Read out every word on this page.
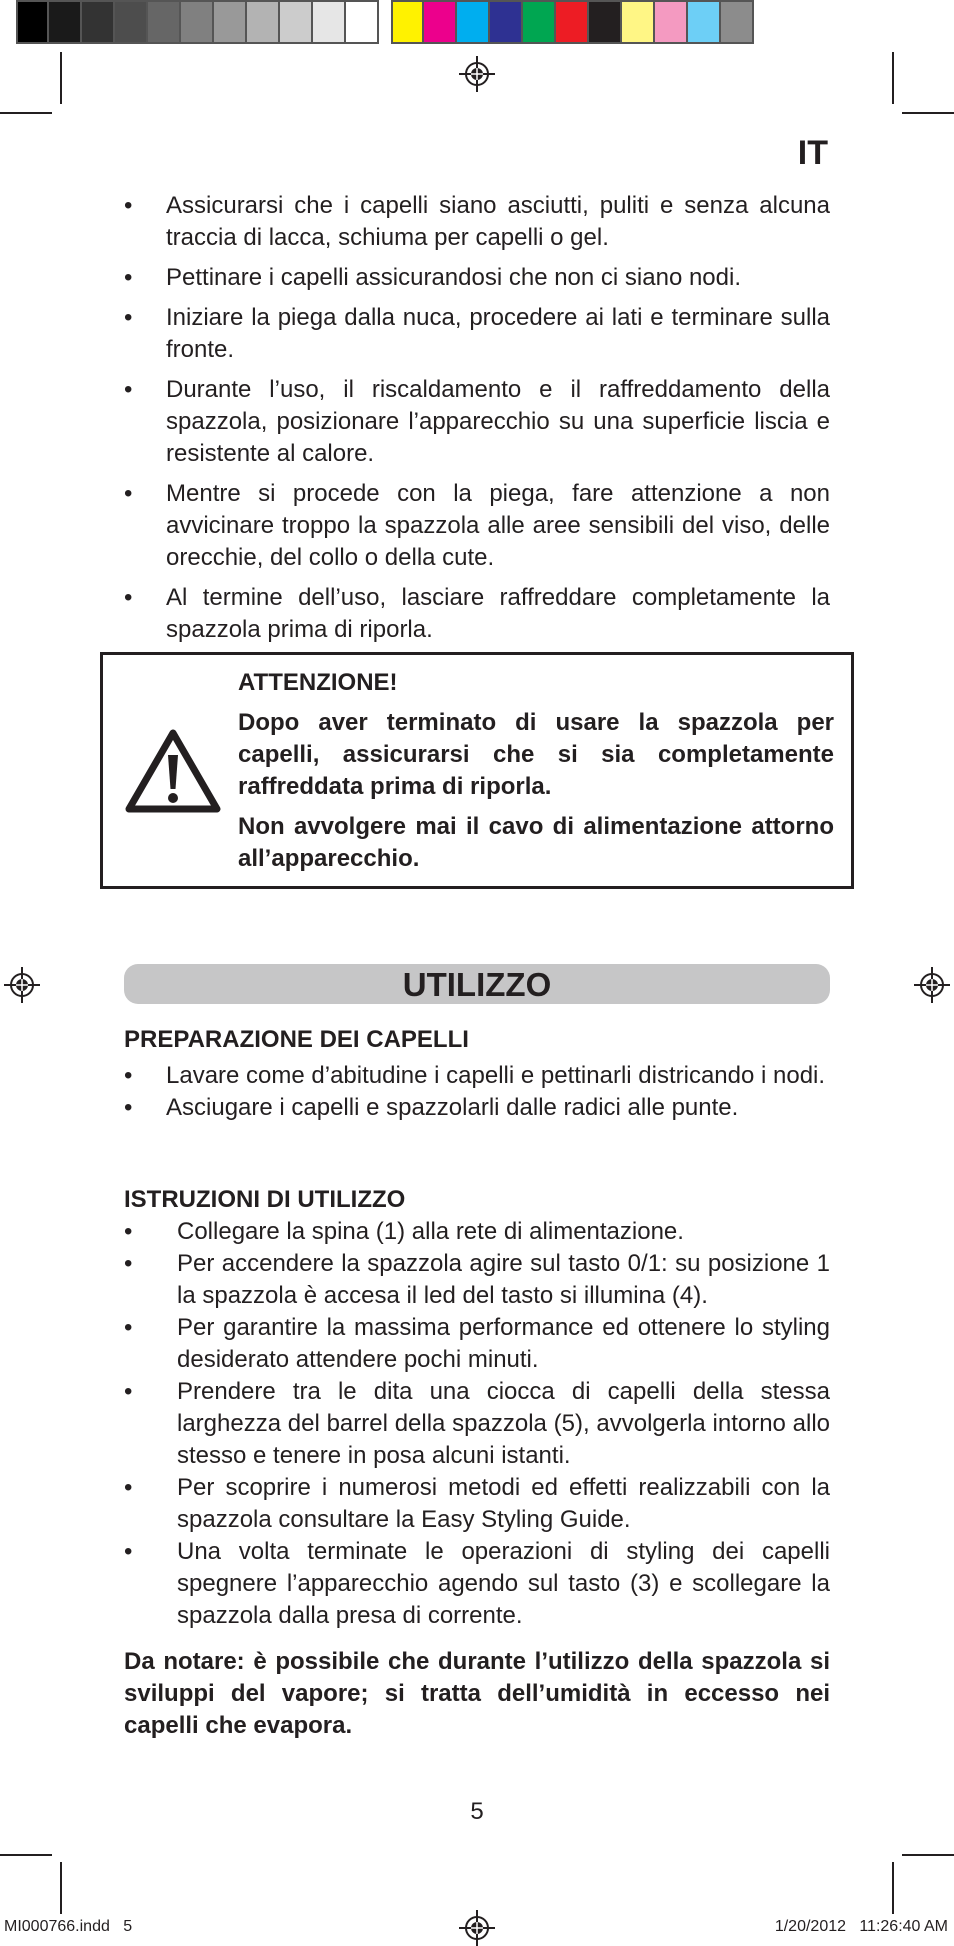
IT
• Assicurarsi che i capelli siano asciutti, puliti e senza alcuna traccia di lacca, schiuma per capelli o gel.
• Pettinare i capelli assicurandosi che non ci siano nodi.
• Iniziare la piega dalla nuca, procedere ai lati e terminare sulla fronte.
• Durante l’uso, il riscaldamento e il raffreddamento della spazzola, posizionare l’apparecchio su una superficie liscia e resistente al calore.
• Mentre si procede con la piega, fare attenzione a non avvicinare troppo la spazzola alle aree sensibili del viso, delle orecchie, del collo o della cute.
• Al termine dell’uso, lasciare raffreddare completamente la spazzola prima di riporla.

ATTENZIONE!

Dopo aver terminato di usare la spazzola per capelli, assicurarsi che si sia completamente raffreddata prima di riporla.

Non avvolgere mai il cavo di alimentazione attorno all’apparecchio.

UTILIZZO
PREPARAZIONE DEI CAPELLI
• Lavare come d’abitudine i capelli e pettinarli districando i nodi.
• Asciugare i capelli e spazzolarli dalle radici alle punte.
ISTRUZIONI DI UTILIZZO
• Collegare la spina (1) alla rete di alimentazione.
• Per accendere la spazzola agire sul tasto 0/1: su posizione 1 la spazzola è accesa il led del tasto si illumina (4).
• Per garantire la massima performance ed ottenere lo styling desiderato attendere pochi minuti.
• Prendere tra le dita una ciocca di capelli della stessa larghezza del barrel della spazzola (5), avvolgerla intorno allo stesso e tenere in posa alcuni istanti.
• Per scoprire i numerosi metodi ed effetti realizzabili con la spazzola consultare la Easy Styling Guide.
• Una volta terminate le operazioni di styling dei capelli spegnere l’apparecchio agendo sul tasto (3) e scollegare la spazzola dalla presa di corrente.

Da notare: è possibile che durante l’utilizzo della spazzola si sviluppi del vapore; si tratta dell’umidità in eccesso nei capelli che evapora.

5
MI000766.indd   5	1/20/2012   11:26:40 AM
